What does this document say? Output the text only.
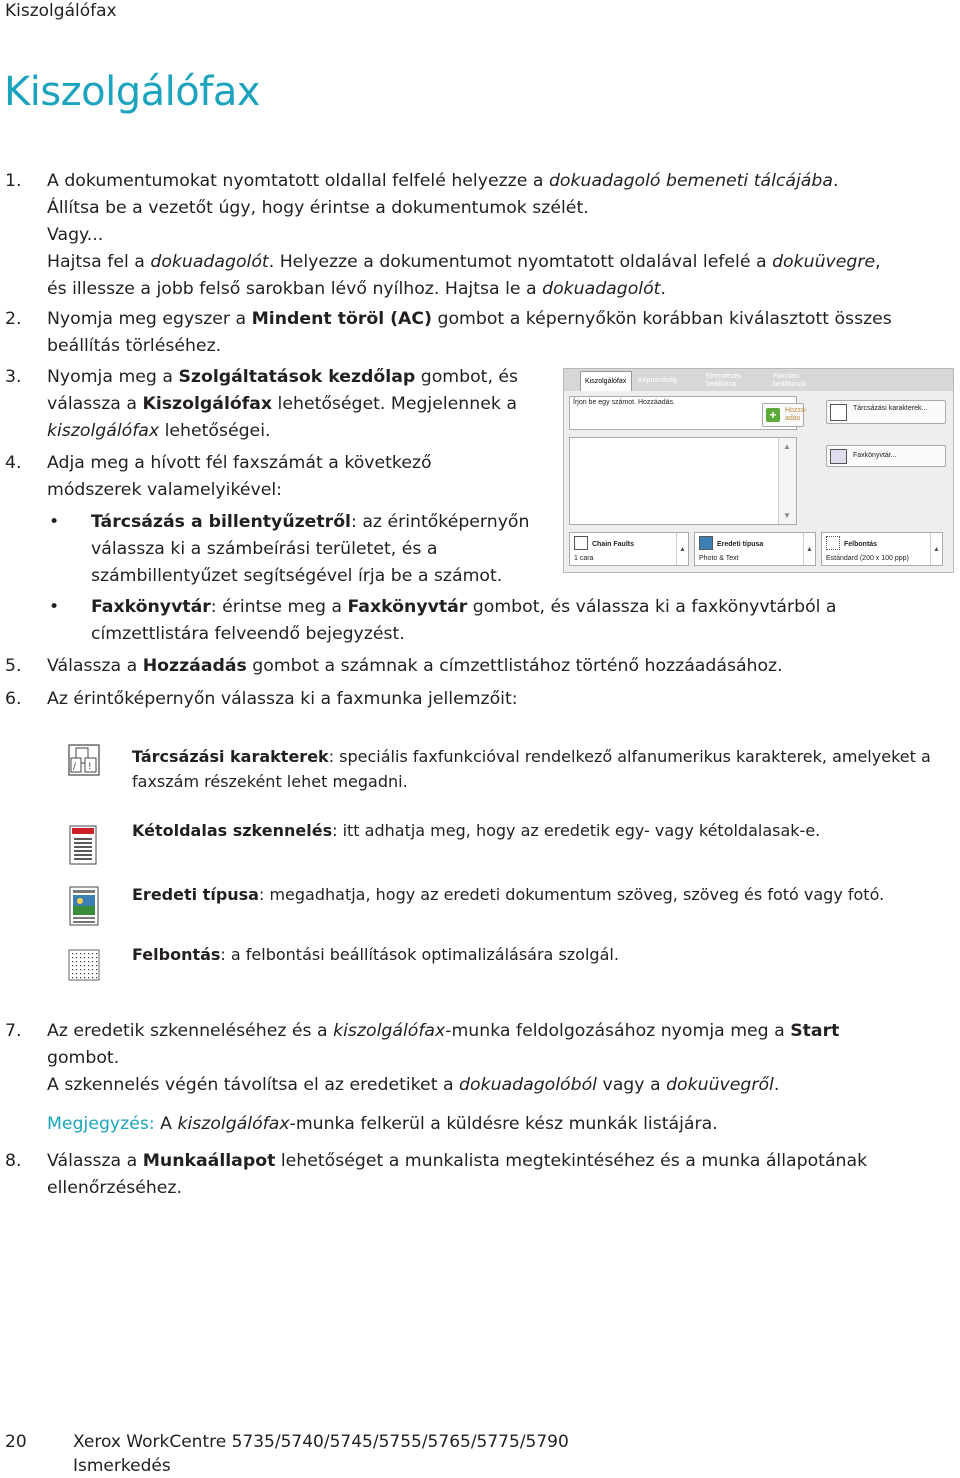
Kiszolgálófax
Kiszolgálófax
1.	A dokumentumokat nyomtatott oldallal felfelé helyezze a dokuadagoló bemeneti tálcájába.
Állítsa be a vezetőt úgy, hogy érintse a dokumentumok szélét.
Vagy...
Hajtsa fel a dokuadagolót. Helyezze a dokumentumot nyomtatott oldalával lefelé a dokuüvegre,
és illessze a jobb felső sarokban lévő nyílhoz. Hajtsa le a dokuadagolót.
2.	Nyomja meg egyszer a Mindent töröl (AC) gombot a képernyőkön korábban kiválasztott összes
beállítás törléséhez.
3.	Nyomja meg a Szolgáltatások kezdőlap gombot, és
válassza a Kiszolgálófax lehetőséget. Megjelennek a
kiszolgálófax lehetőségei.
4.	Adja meg a hívott fél faxszámát a következő
módszerek valamelyikével:
• Tárcsázás a billentyűzetről: az érintőképernyőn
válassza ki a számbeírási területet, és a
számbillentyűzet segítségével írja be a számot.
• Faxkönyvtár: érintse meg a Faxkönyvtár gombot, és válassza ki a faxkönyvtárból a
címzettlistára felveendő bejegyzést.
5.	Válassza a Hozzáadás gombot a számnak a címzettlistához történő hozzáadásához.
6.	Az érintőképernyőn válassza ki a faxmunka jellemzőit:
/ !
Tárcsázási karakterek: speciális faxfunkcióval rendelkező alfanumerikus karakterek, amelyeket a
faxszám részeként lehet megadni.
Kétoldalas szkennelés: itt adhatja meg, hogy az eredetik egy- vagy kétoldalasak-e.
Eredeti típusa: megadhatja, hogy az eredeti dokumentum szöveg, szöveg és fotó vagy fotó.
Felbontás: a felbontási beállítások optimalizálására szolgál.
7.	Az eredetik szkenneléséhez és a kiszolgálófax-munka feldolgozásához nyomja meg a Start
gombot.
A szkennelés végén távolítsa el az eredetiket a dokuadagolóból vagy a dokuüvegről.
Megjegyzés: A kiszolgálófax-munka felkerül a küldésre kész munkák listájára.
8.	Válassza a Munkaállapot lehetőséget a munkalista megtekintéséhez és a munka állapotának
ellenőrzéséhez.
Kiszolgálófax	Képminőség
Elrendezés beállítása
Faxolási beállítások
Írjon be egy számot. Hozzáadás.
+	Hozzá-adás
Tárcsázási karakterek...
Faxkönyvtár...
▲
▼
Chain Faults
1 cara
▲
Eredeti típusa
Photo & Text
▲
Felbontás
Estándard (200 x 100 ppp)
▲
20	Xerox WorkCentre 5735/5740/5745/5755/5765/5775/5790
Ismerkedés
